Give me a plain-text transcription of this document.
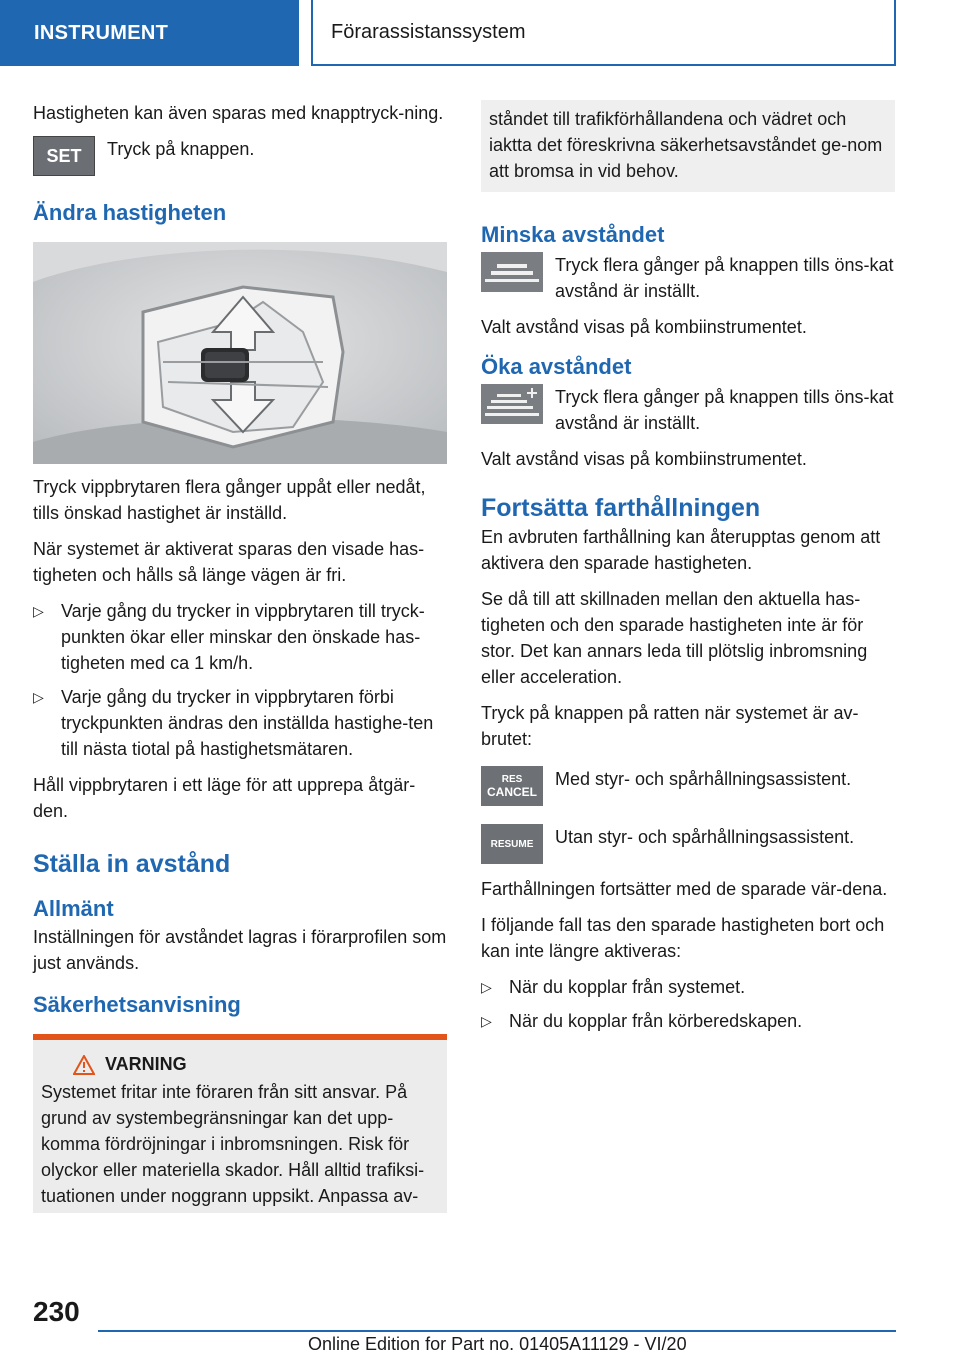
INSTRUMENT	Förarassistanssystem

Hastigheten kan även sparas med knapptryck-ning.

SET Tryck på knappen.

Ändra hastigheten

Tryck vippbrytaren flera gånger uppåt eller nedåt, tills önskad hastighet är inställd.

När systemet är aktiverat sparas den visade has-tigheten och hålls så länge vägen är fri.

▷ Varje gång du trycker in vippbrytaren till tryck-punkten ökar eller minskar den önskade has-tigheten med ca 1 km/h.
▷ Varje gång du trycker in vippbrytaren förbi tryckpunkten ändras den inställda hastighe-ten till nästa tiotal på hastighetsmätaren.

Håll vippbrytaren i ett läge för att upprepa åtgär-den.

Ställa in avstånd
Allmänt

Inställningen för avståndet lagras i förarprofilen som just används.

Säkerhetsanvisning
VARNING

Systemet fritar inte föraren från sitt ansvar. På grund av systembegränsningar kan det upp-komma fördröjningar i inbromsningen. Risk för olyckor eller materiella skador. Håll alltid trafiksi-tuationen under noggrann uppsikt. Anpassa av-

ståndet till trafikförhållandena och vädret och iaktta det föreskrivna säkerhetsavståndet ge-nom att bromsa in vid behov.

Minska avståndet

Tryck flera gånger på knappen tills öns-kat avstånd är inställt.

Valt avstånd visas på kombiinstrumentet.

Öka avståndet

Tryck flera gånger på knappen tills öns-kat avstånd är inställt.

Valt avstånd visas på kombiinstrumentet.

Fortsätta farthållningen

En avbruten farthållning kan återupptas genom att aktivera den sparade hastigheten.

Se då till att skillnaden mellan den aktuella has-tigheten och den sparade hastigheten inte är för stor. Det kan annars leda till plötslig inbromsning eller acceleration.

Tryck på knappen på ratten när systemet är av-brutet:

RES
CANCEL

Med styr- och spårhållningsassistent.

RESUME Utan styr- och spårhållningsassistent.

Farthållningen fortsätter med de sparade vär-dena.

I följande fall tas den sparade hastigheten bort och kan inte längre aktiveras:

▷ När du kopplar från systemet.
▷ När du kopplar från körberedskapen.
230
Online Edition for Part no. 01405A11129 - VI/20
